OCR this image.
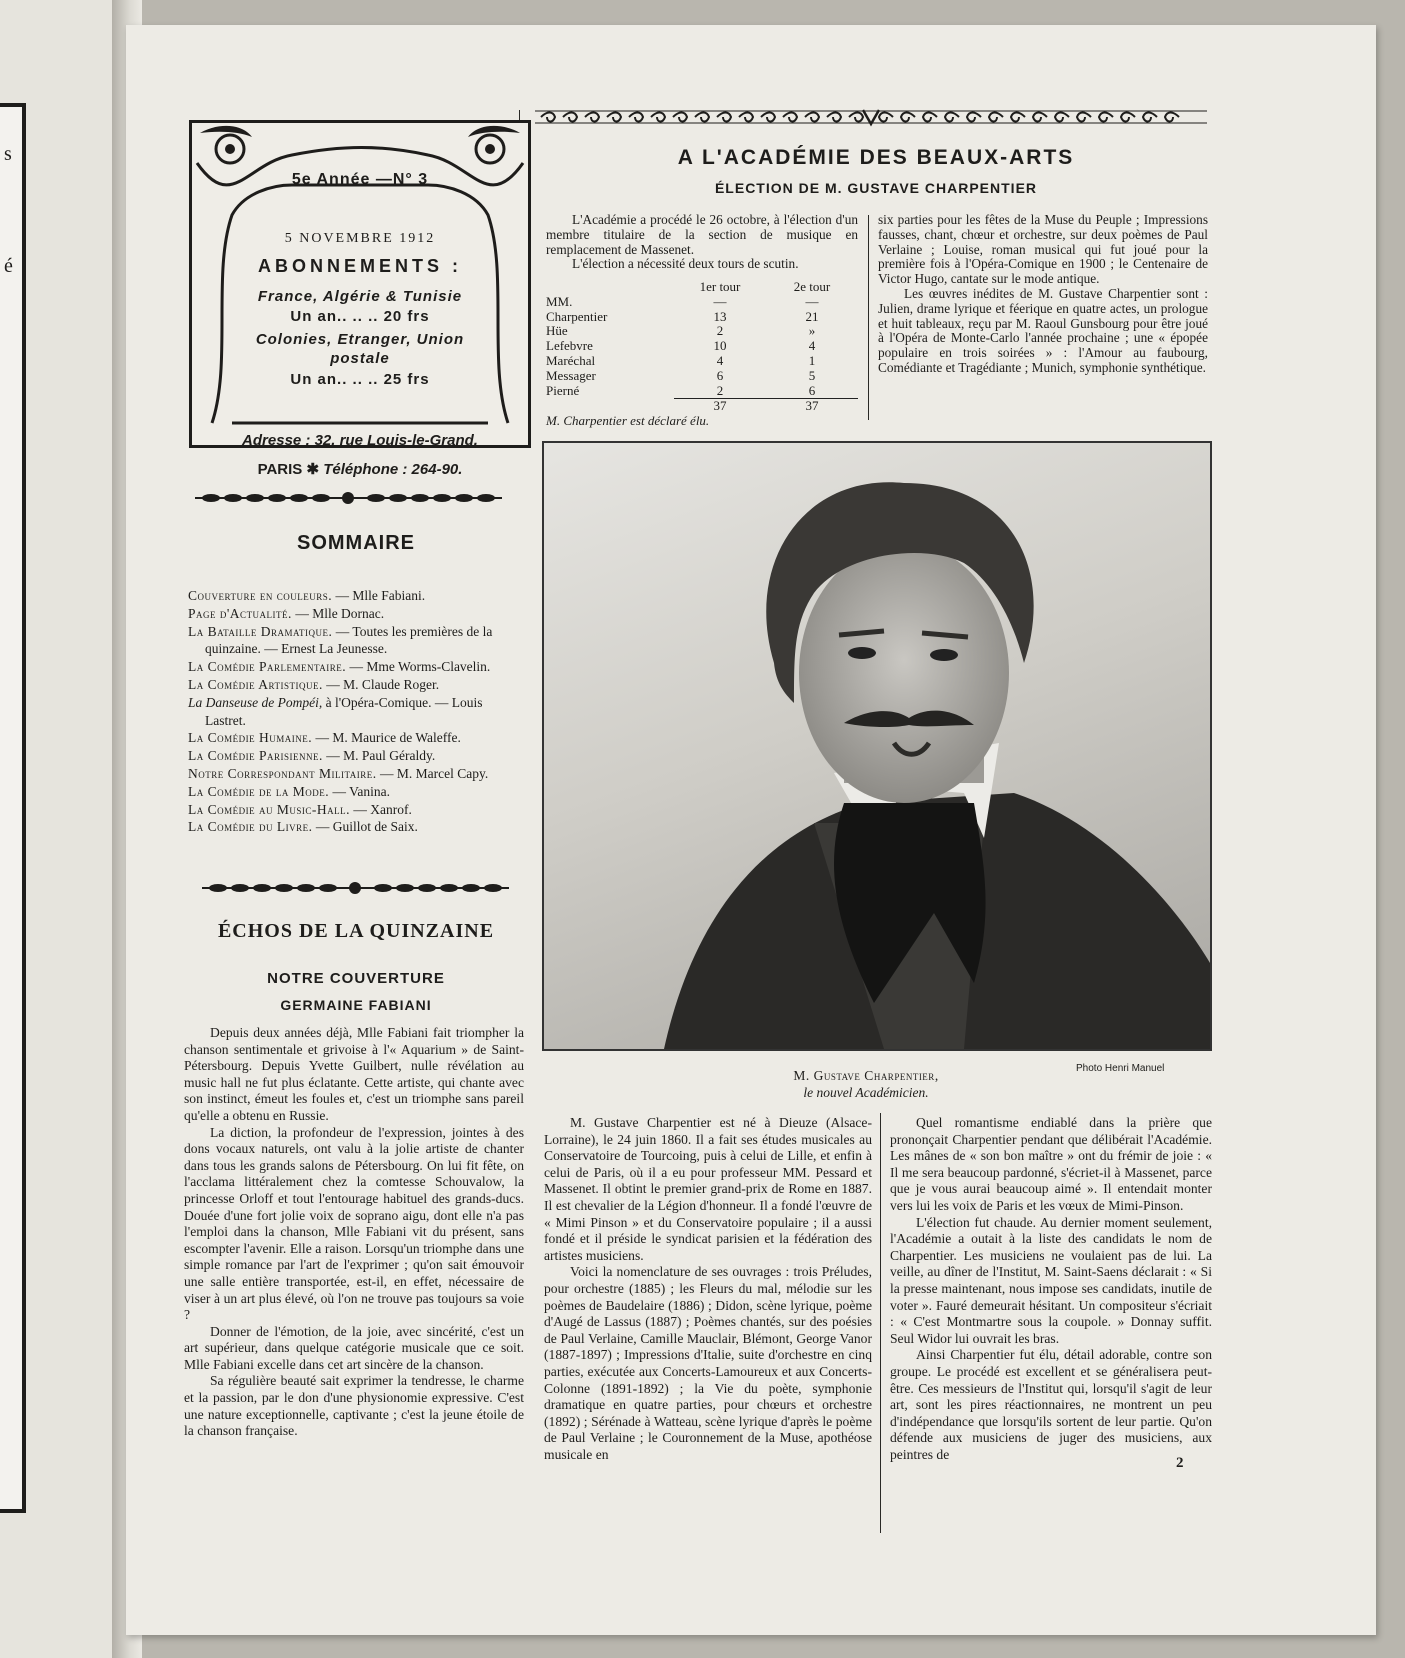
s
é
5e Année —N° 3
5 NOVEMBRE 1912
ABONNEMENTS :
France, Algérie & Tunisie
Un an.. .. .. 20 frs
Colonies, Etranger, Union
postale
Un an.. .. .. 25 frs
Adresse : 32, rue Louis-le-Grand.
PARIS ✱ Téléphone : 264-90.
SOMMAIRE
Couverture en couleurs. — Mlle Fabiani.
Page d'Actualité. — Mlle Dornac.
La Bataille Dramatique. — Toutes les premières de la quinzaine. — Ernest La Jeunesse.
La Comédie Parlementaire. — Mme Worms-Clavelin.
La Comédie Artistique. — M. Claude Roger.
La Danseuse de Pompéi, à l'Opéra-Comique. — Louis Lastret.
La Comédie Humaine. — M. Maurice de Waleffe.
La Comédie Parisienne. — M. Paul Géraldy.
Notre Correspondant Militaire. — M. Marcel Capy.
La Comédie de la Mode. — Vanina.
La Comédie au Music-Hall. — Xanrof.
La Comédie du Livre. — Guillot de Saix.
ÉCHOS DE LA QUINZAINE
NOTRE COUVERTURE
GERMAINE FABIANI

Depuis deux années déjà, Mlle Fabiani fait triompher la chanson sentimentale et grivoise à l'« Aquarium » de Saint-Pétersbourg. Depuis Yvette Guilbert, nulle révélation au music hall ne fut plus éclatante. Cette artiste, qui chante avec son instinct, émeut les foules et, c'est un triomphe sans pareil qu'elle a obtenu en Russie.

La diction, la profondeur de l'expression, jointes à des dons vocaux naturels, ont valu à la jolie artiste de chanter dans tous les grands salons de Pétersbourg. On lui fit fête, on l'acclama littéralement chez la comtesse Schouvalow, la princesse Orloff et tout l'entourage habituel des grands-ducs. Douée d'une fort jolie voix de soprano aigu, dont elle n'a pas l'emploi dans la chanson, Mlle Fabiani vit du présent, sans escompter l'avenir. Elle a raison. Lorsqu'un triomphe dans une simple romance par l'art de l'exprimer ; qu'on sait émouvoir une salle entière transportée, est-il, en effet, nécessaire de viser à un art plus élevé, où l'on ne trouve pas toujours sa voie ?

Donner de l'émotion, de la joie, avec sincérité, c'est un art supérieur, dans quelque catégorie musicale que ce soit. Mlle Fabiani excelle dans cet art sincère de la chanson.

Sa régulière beauté sait exprimer la tendresse, le charme et la passion, par le don d'une physionomie expressive. C'est une nature exceptionnelle, captivante ; c'est la jeune étoile de la chanson française.

A L'ACADÉMIE DES BEAUX-ARTS
ÉLECTION DE M. GUSTAVE CHARPENTIER

L'Académie a procédé le 26 octobre, à l'élection d'un membre titulaire de la section de musique en remplacement de Massenet.

L'élection a nécessité deux tours de scutin.

	1er tour	2e tour
MM.	—	—
Charpentier	13	21
Hüe	2	»
Lefebvre	10	4
Maréchal	4	1
Messager	6	5
Pierné	2	6
	37	37
M. Charpentier est déclaré élu.		

six parties pour les fêtes de la Muse du Peuple ; Impressions fausses, chant, chœur et orchestre, sur deux poèmes de Paul Verlaine ; Louise, roman musical qui fut joué pour la première fois à l'Opéra-Comique en 1900 ; le Centenaire de Victor Hugo, cantate sur le mode antique.

Les œuvres inédites de M. Gustave Charpentier sont : Julien, drame lyrique et féerique en quatre actes, un prologue et huit tableaux, reçu par M. Raoul Gunsbourg pour être joué à l'Opéra de Monte-Carlo l'année prochaine ; une « épopée populaire en trois soirées » : l'Amour au faubourg, Comédiante et Tragédiante ; Munich, symphonie synthétique.

M. Gustave Charpentier,
le nouvel Académicien.
Photo Henri Manuel

M. Gustave Charpentier est né à Dieuze (Alsace-Lorraine), le 24 juin 1860. Il a fait ses études musicales au Conservatoire de Tourcoing, puis à celui de Lille, et enfin à celui de Paris, où il a eu pour professeur MM. Pessard et Massenet. Il obtint le premier grand-prix de Rome en 1887. Il est chevalier de la Légion d'honneur. Il a fondé l'œuvre de « Mimi Pinson » et du Conservatoire populaire ; il a aussi fondé et il préside le syndicat parisien et la fédération des artistes musiciens.

Voici la nomenclature de ses ouvrages : trois Préludes, pour orchestre (1885) ; les Fleurs du mal, mélodie sur les poèmes de Baudelaire (1886) ; Didon, scène lyrique, poème d'Augé de Lassus (1887) ; Poèmes chantés, sur des poésies de Paul Verlaine, Camille Mauclair, Blémont, George Vanor (1887-1897) ; Impressions d'Italie, suite d'orchestre en cinq parties, exécutée aux Concerts-Lamoureux et aux Concerts-Colonne (1891-1892) ; la Vie du poète, symphonie dramatique en quatre parties, pour chœurs et orchestre (1892) ; Sérénade à Watteau, scène lyrique d'après le poème de Paul Verlaine ; le Couronnement de la Muse, apothéose musicale en

Quel romantisme endiablé dans la prière que prononçait Charpentier pendant que délibérait l'Académie. Les mânes de « son bon maître » ont du frémir de joie : « Il me sera beaucoup pardonné, s'écriet-il à Massenet, parce que je vous aurai beaucoup aimé ». Il entendait monter vers lui les voix de Paris et les vœux de Mimi-Pinson.

L'élection fut chaude. Au dernier moment seulement, l'Académie a outait à la liste des candidats le nom de Charpentier. Les musiciens ne voulaient pas de lui. La veille, au dîner de l'Institut, M. Saint-Saens déclarait : « Si la presse maintenant, nous impose ses candidats, inutile de voter ». Fauré demeurait hésitant. Un compositeur s'écriait : « C'est Montmartre sous la coupole. » Donnay suffit. Seul Widor lui ouvrait les bras.

Ainsi Charpentier fut élu, détail adorable, contre son groupe. Le procédé est excellent et se généralisera peut-être. Ces messieurs de l'Institut qui, lorsqu'il s'agit de leur art, sont les pires réactionnaires, ne montrent un peu d'indépendance que lorsqu'ils sortent de leur partie. Qu'on défende aux musiciens de juger des musiciens, aux peintres de

2
